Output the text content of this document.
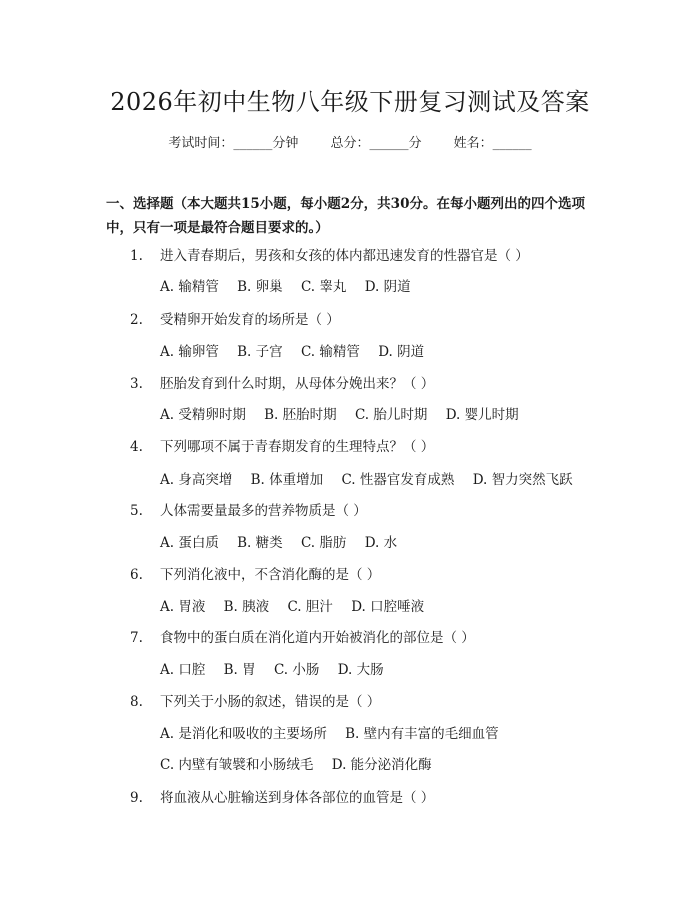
2026年初中生物八年级下册复习测试及答案
考试时间：______分钟 总分：______分 姓名：______

一、选择题（本大题共15小题，每小题2分，共30分。在每小题列出的四个选项中，只有一项是最符合题目要求的。）

1. 进入青春期后，男孩和女孩的体内都迅速发育的性器官是（ ）
A. 输精管 B. 卵巢 C. 睾丸 D. 阴道
2. 受精卵开始发育的场所是（ ）
A. 输卵管 B. 子宫 C. 输精管 D. 阴道
3. 胚胎发育到什么时期，从母体分娩出来？（ ）
A. 受精卵时期 B. 胚胎时期 C. 胎儿时期 D. 婴儿时期
4. 下列哪项不属于青春期发育的生理特点？（ ）
A. 身高突增 B. 体重增加 C. 性器官发育成熟 D. 智力突然飞跃
5. 人体需要量最多的营养物质是（ ）
A. 蛋白质 B. 糖类 C. 脂肪 D. 水
6. 下列消化液中，不含消化酶的是（ ）
A. 胃液 B. 胰液 C. 胆汁 D. 口腔唾液
7. 食物中的蛋白质在消化道内开始被消化的部位是（ ）
A. 口腔 B. 胃 C. 小肠 D. 大肠
8. 下列关于小肠的叙述，错误的是（ ）
A. 是消化和吸收的主要场所 B. 壁内有丰富的毛细血管
C. 内壁有皱襞和小肠绒毛 D. 能分泌消化酶
9. 将血液从心脏输送到身体各部位的血管是（ ）
